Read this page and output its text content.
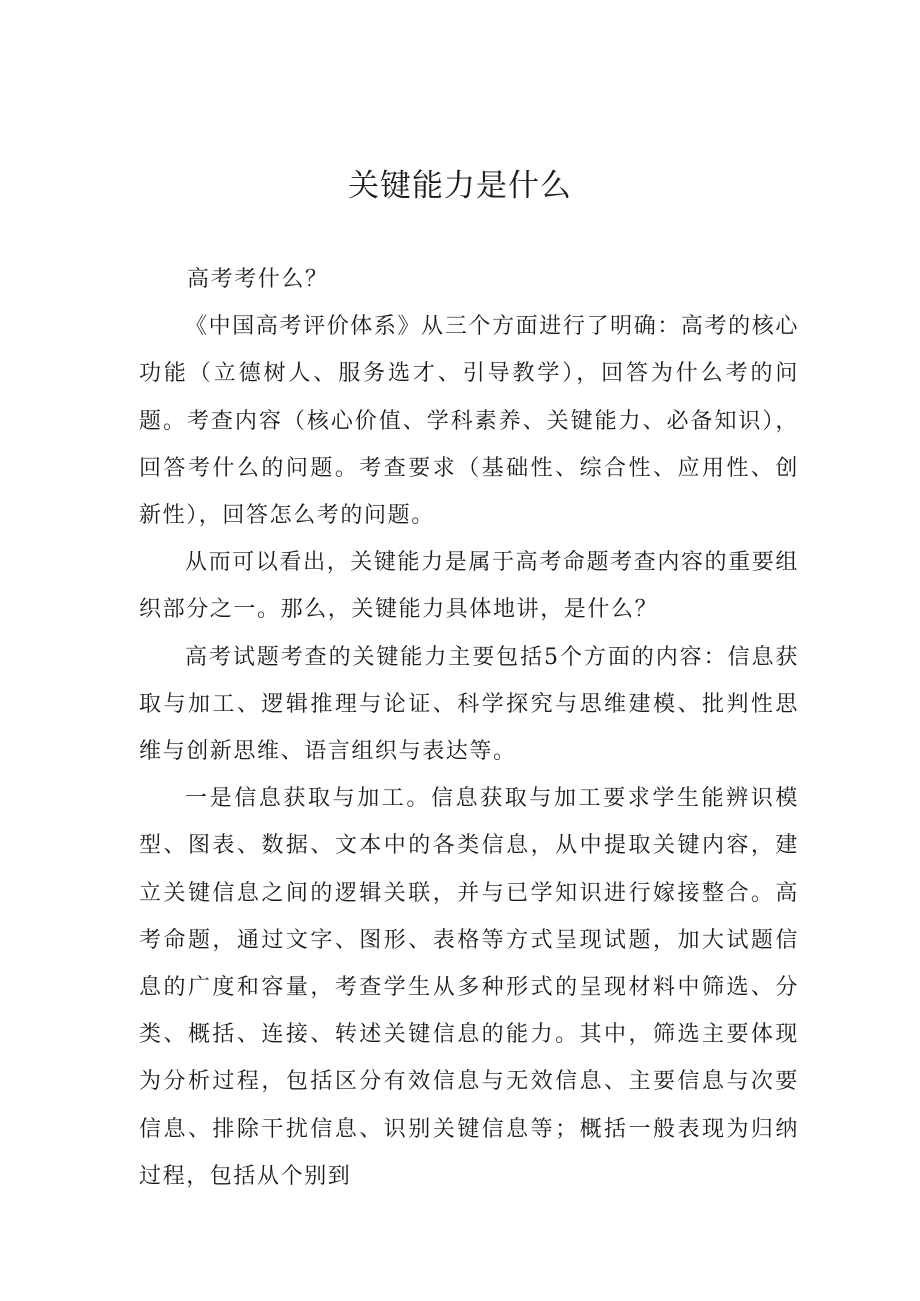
关键能力是什么

高考考什么？

《中国高考评价体系》从三个方面进行了明确：高考的核心功能（立德树人、服务选才、引导教学），回答为什么考的问题。考查内容（核心价值、学科素养、关键能力、必备知识），回答考什么的问题。考查要求（基础性、综合性、应用性、创新性），回答怎么考的问题。

从而可以看出，关键能力是属于高考命题考查内容的重要组织部分之一。那么，关键能力具体地讲，是什么？

高考试题考查的关键能力主要包括5个方面的内容：信息获取与加工、逻辑推理与论证、科学探究与思维建模、批判性思维与创新思维、语言组织与表达等。

一是信息获取与加工。信息获取与加工要求学生能辨识模型、图表、数据、文本中的各类信息，从中提取关键内容，建立关键信息之间的逻辑关联，并与已学知识进行嫁接整合。高考命题，通过文字、图形、表格等方式呈现试题，加大试题信息的广度和容量，考查学生从多种形式的呈现材料中筛选、分类、概括、连接、转述关键信息的能力。其中，筛选主要体现为分析过程，包括区分有效信息与无效信息、主要信息与次要信息、排除干扰信息、识别关键信息等；概括一般表现为归纳过程，包括从个别到
